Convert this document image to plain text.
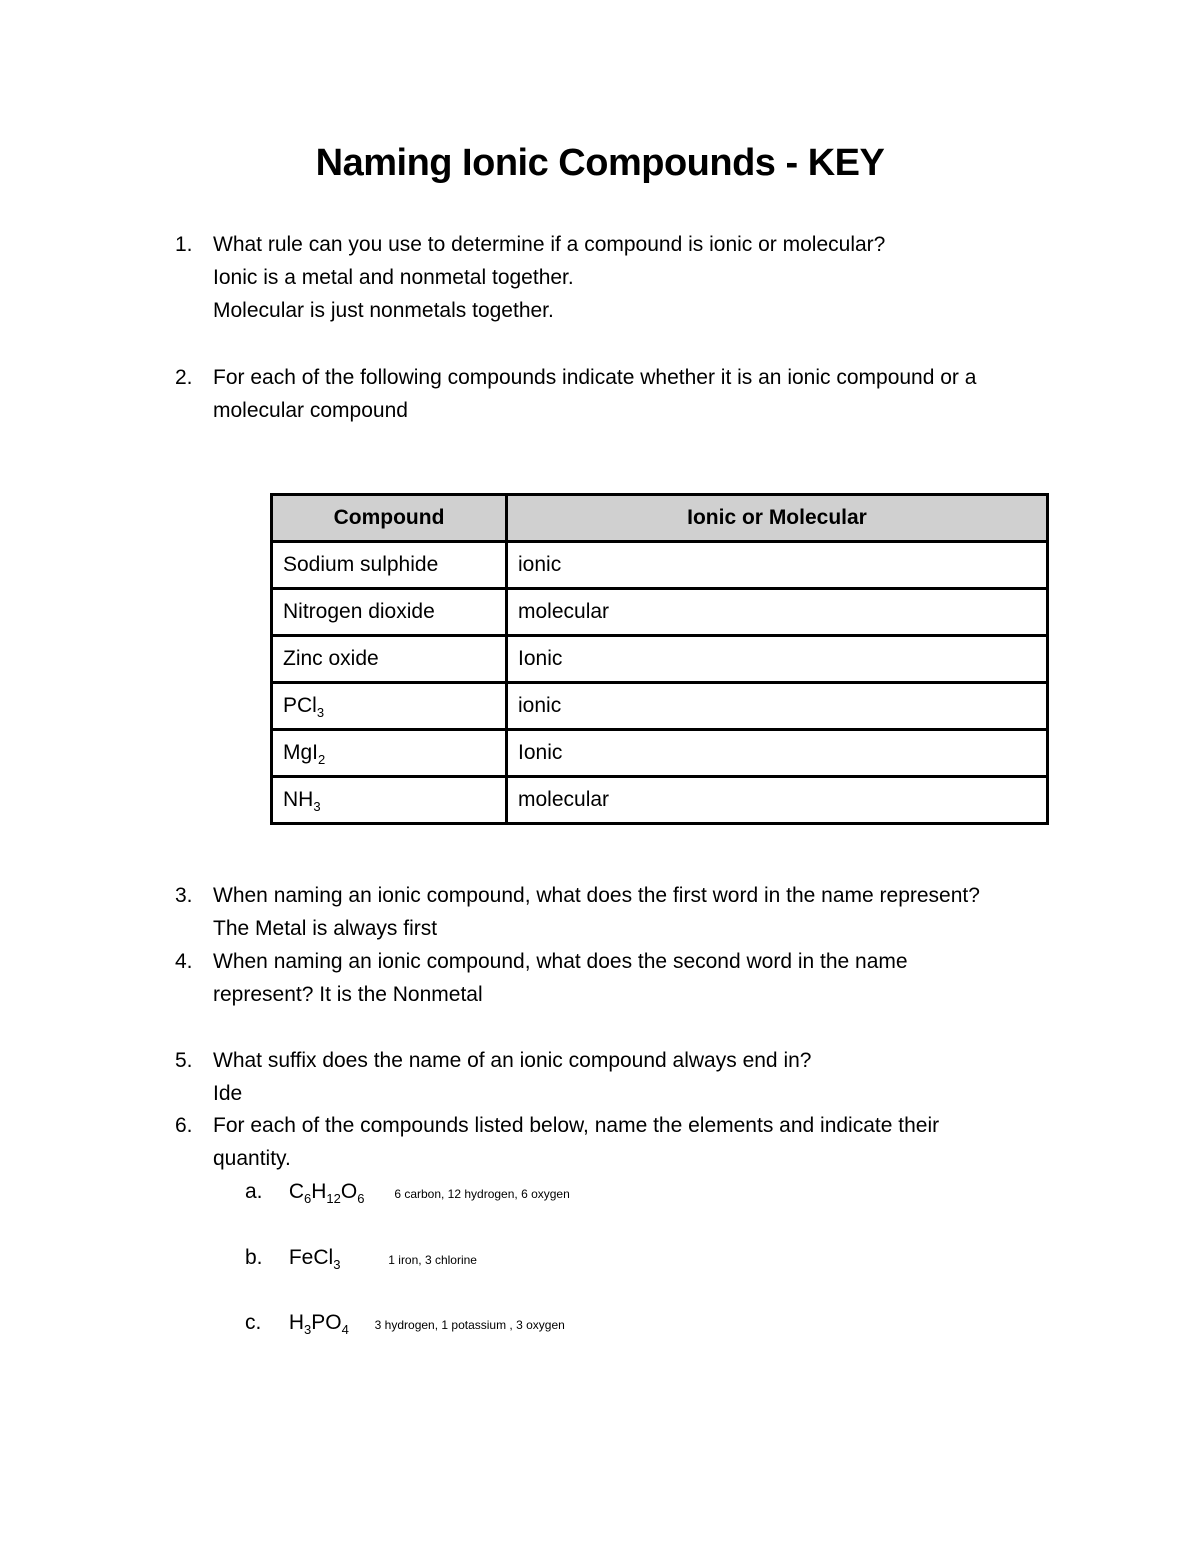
Naming Ionic Compounds - KEY
1. What rule can you use to determine if a compound is ionic or molecular?

Ionic is a metal and nonmetal together.

Molecular is just nonmetals together.

2. For each of the following compounds indicate whether it is an ionic compound or a

molecular compound

Compound	Ionic or Molecular
Sodium sulphide	ionic
Nitrogen dioxide	molecular
Zinc oxide	Ionic
PCl$_3$	ionic
MgI$_2$	Ionic
$NH_3$	molecular
3. When naming an ionic compound, what does the first word in the name represent?

The Metal is always first

4. When naming an ionic compound, what does the second word in the name

represent? It is the Nonmetal

5. What suffix does the name of an ionic compound always end in?

Ide

6. For each of the compounds listed below, name the elements and indicate their

quantity.

a. $C_6H_{12}O_6$ 6 carbon, 12 hydrogen, 6 oxygen
b. FeCl$_3$	1 iron, 3 chlorine
c. $H_3PO_4$ 3 hydrogen, 1 potassium , 3 oxygen
